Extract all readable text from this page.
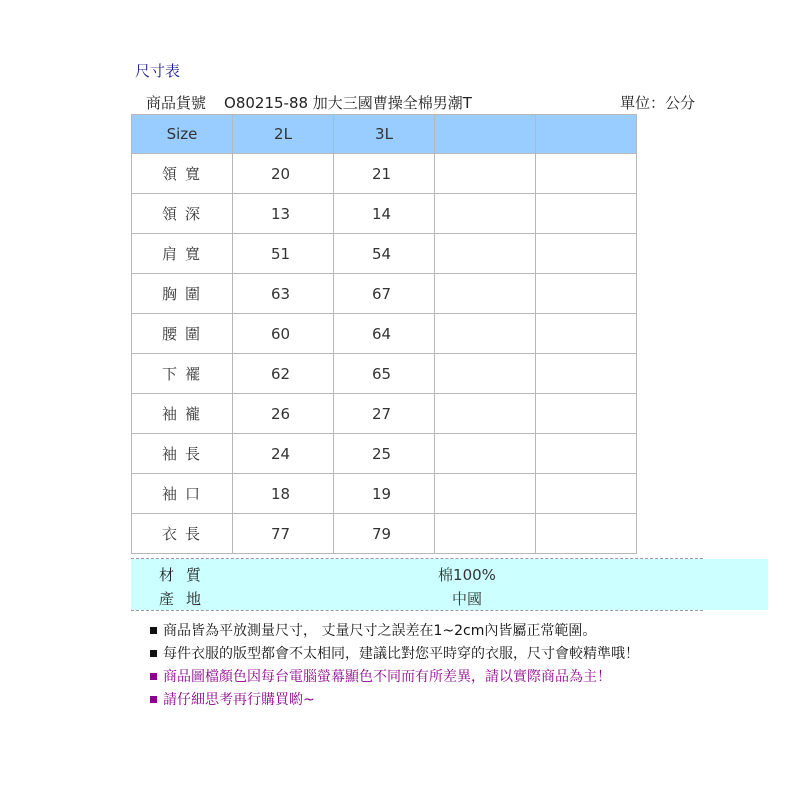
尺寸表
商品貨號 O80215-88 加大三國曹操全棉男潮T	單位：公分
Size	2L	3L		
領寬	20	21		
領深	13	14		
肩寬	51	54		
胸圍	63	67		
腰圍	60	64		
下襬	62	65		
袖襱	26	27		
袖長	24	25		
袖口	18	19		
衣長	77	79		
材質	棉100%
產地	中國
商品皆為平放測量尺寸， 丈量尺寸之誤差在1~2cm內皆屬正常範圍。
每件衣服的版型都會不太相同，建議比對您平時穿的衣服，尺寸會較精準哦！
商品圖檔顏色因每台電腦螢幕顯色不同而有所差異，請以實際商品為主！
請仔細思考再行購買喲~
